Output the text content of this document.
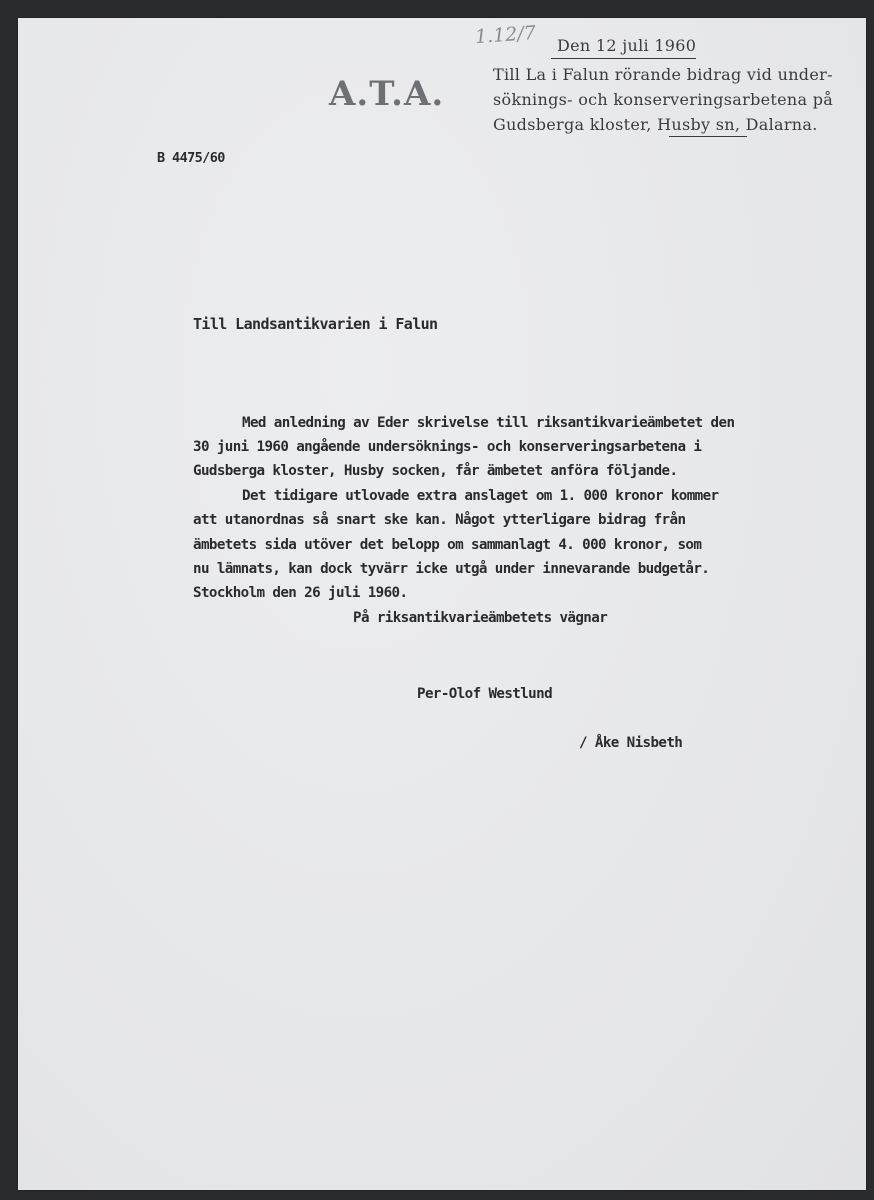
1.12/7
A.T.A.
Den 12 juli 1960
Till La i Falun rörande bidrag vid under-
söknings- och konserveringsarbetena på
Gudsberga kloster, Husby sn, Dalarna.
B 4475/60
Till Landsantikvarien i Falun
Med anledning av Eder skrivelse till riksantikvarieämbetet den
30 juni 1960 angående undersöknings- och konserveringsarbetena i
Gudsberga kloster, Husby socken, får ämbetet anföra följande.
Det tidigare utlovade extra anslaget om 1. 000 kronor kommer
att utanordnas så snart ske kan. Något ytterligare bidrag från
ämbetets sida utöver det belopp om sammanlagt 4. 000 kronor, som
nu lämnats, kan dock tyvärr icke utgå under innevarande budgetår.
Stockholm den 26 juli 1960.
På riksantikvarieämbetets vägnar
Per-Olof Westlund
/ Åke Nisbeth
